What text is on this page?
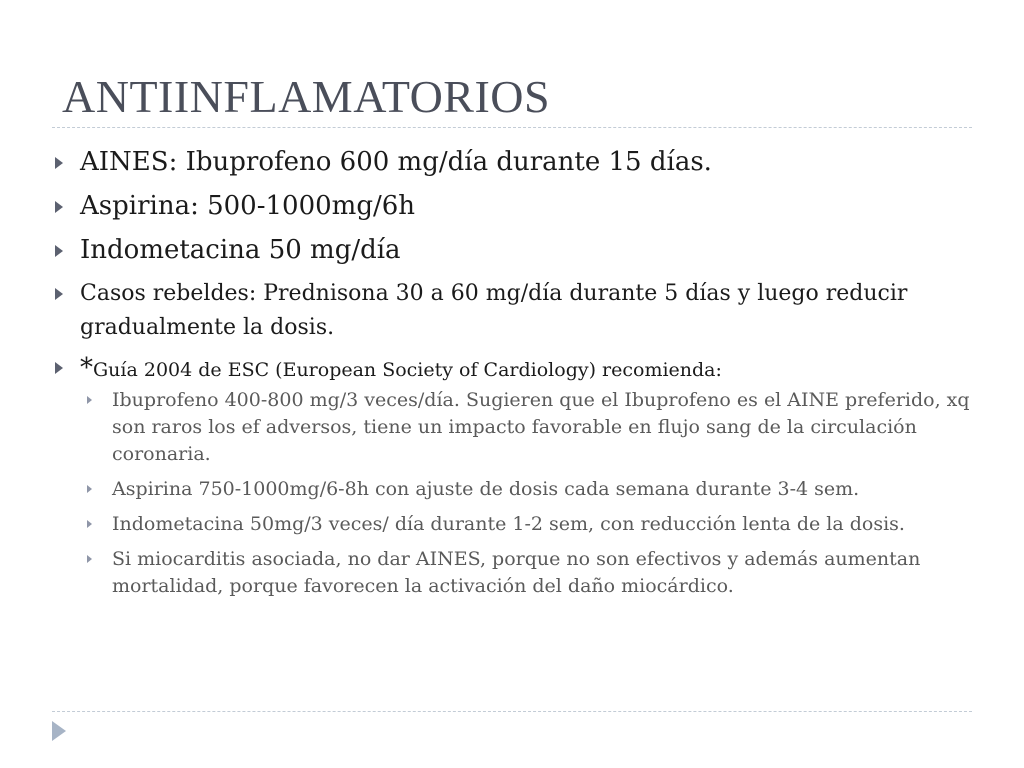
ANTIINFLAMATORIOS
AINES: Ibuprofeno 600 mg/día durante 15 días.
Aspirina: 500-1000mg/6h
Indometacina 50 mg/día
Casos rebeldes: Prednisona 30 a 60 mg/día durante 5 días y luego reducir gradualmente la dosis.
*Guía 2004 de ESC (European Society of Cardiology) recomienda:
Ibuprofeno 400-800 mg/3 veces/día. Sugieren que el Ibuprofeno es el AINE preferido, xq son raros los ef adversos, tiene un impacto favorable en flujo sang de la circulación coronaria.
Aspirina 750-1000mg/6-8h con ajuste de dosis cada semana durante 3-4 sem.
Indometacina 50mg/3 veces/ día durante 1-2 sem, con reducción lenta de la dosis.
Si miocarditis asociada, no dar AINES, porque no son efectivos y además aumentan mortalidad, porque favorecen la activación del daño miocárdico.
